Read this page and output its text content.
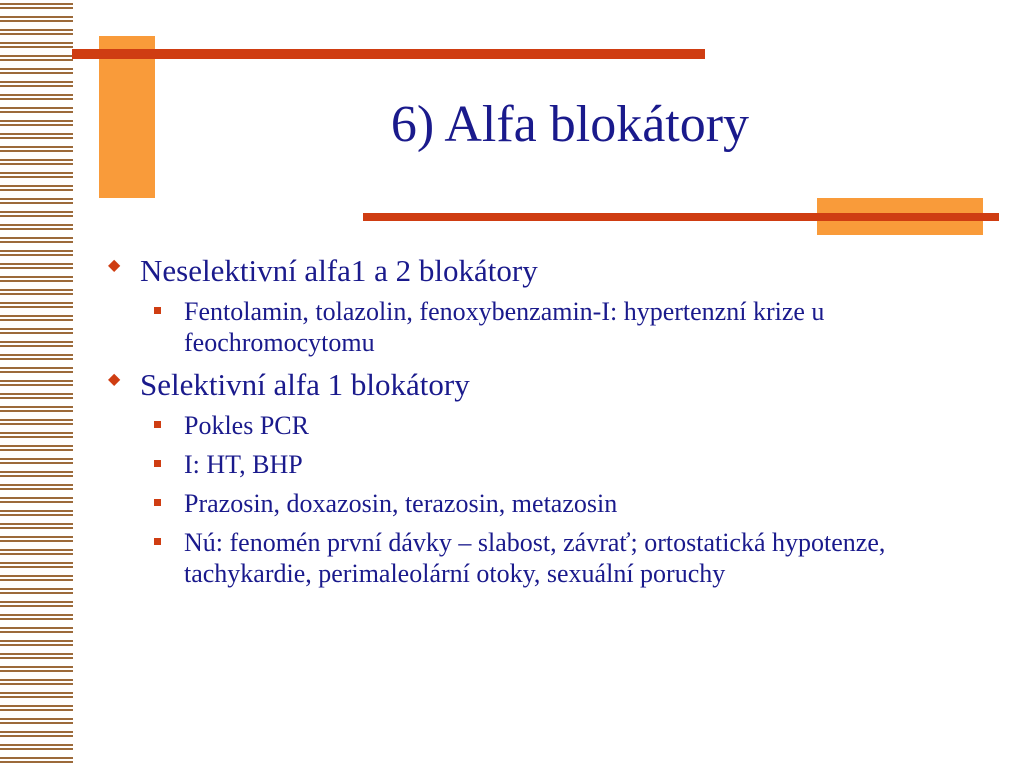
6) Alfa blokátory
◆ Neselektivní alfa1 a 2 blokátory
Fentolamin, tolazolin, fenoxybenzamin-I: hypertenzní krize u feochromocytomu
◆ Selektivní alfa 1 blokátory
Pokles PCR
I: HT, BHP
Prazosin, doxazosin, terazosin, metazosin
Nú: fenomén první dávky – slabost, závrať; ortostatická hypotenze, tachykardie, perimaleolární otoky, sexuální poruchy
